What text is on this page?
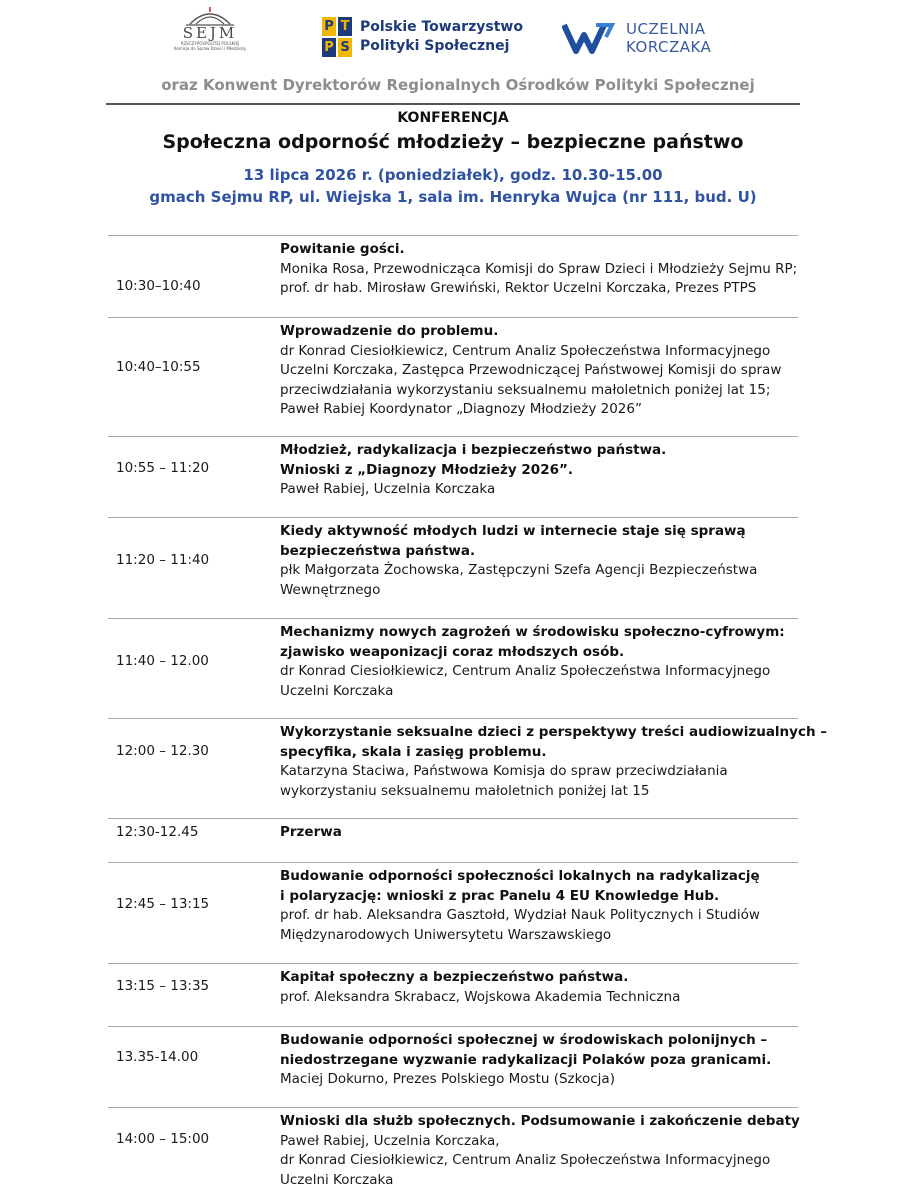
SEJM
RZECZYPOSPOLITEJ POLSKIEJ
Komisja do Spraw Dzieci i Młodzieży
P T
P S
Polskie Towarzystwo
Polityki Społecznej
UCZELNIA
KORCZAKA
oraz Konwent Dyrektorów Regionalnych Ośrodków Polityki Społecznej
KONFERENCJA
Społeczna odporność młodzieży – bezpieczne państwo
13 lipca 2026 r. (poniedziałek), godz. 10.30-15.00
gmach Sejmu RP, ul. Wiejska 1, sala im. Henryka Wujca (nr 111, bud. U)
10:30–10:40
Powitanie gości.
Monika Rosa, Przewodnicząca Komisji do Spraw Dzieci i Młodzieży Sejmu RP;
prof. dr hab. Mirosław Grewiński, Rektor Uczelni Korczaka, Prezes PTPS
10:40–10:55
Wprowadzenie do problemu.
dr Konrad Ciesiołkiewicz, Centrum Analiz Społeczeństwa Informacyjnego
Uczelni Korczaka, Zastępca Przewodniczącej Państwowej Komisji do spraw
przeciwdziałania wykorzystaniu seksualnemu małoletnich poniżej lat 15;
Paweł Rabiej Koordynator „Diagnozy Młodzieży 2026”
10:55 – 11:20
Młodzież, radykalizacja i bezpieczeństwo państwa.
Wnioski z „Diagnozy Młodzieży 2026”.
Paweł Rabiej, Uczelnia Korczaka
11:20 – 11:40
Kiedy aktywność młodych ludzi w internecie staje się sprawą
bezpieczeństwa państwa.
płk Małgorzata Żochowska, Zastępczyni Szefa Agencji Bezpieczeństwa
Wewnętrznego
11:40 – 12.00
Mechanizmy nowych zagrożeń w środowisku społeczno-cyfrowym:
zjawisko weaponizacji coraz młodszych osób.
dr Konrad Ciesiołkiewicz, Centrum Analiz Społeczeństwa Informacyjnego
Uczelni Korczaka
12:00 – 12.30
Wykorzystanie seksualne dzieci z perspektywy treści audiowizualnych –
specyfika, skala i zasięg problemu.
Katarzyna Staciwa, Państwowa Komisja do spraw przeciwdziałania
wykorzystaniu seksualnemu małoletnich poniżej lat 15
12:30-12.45	Przerwa
12:45 – 13:15
Budowanie odporności społeczności lokalnych na radykalizację
i polaryzację: wnioski z prac Panelu 4 EU Knowledge Hub.
prof. dr hab. Aleksandra Gasztołd, Wydział Nauk Politycznych i Studiów
Międzynarodowych Uniwersytetu Warszawskiego
13:15 – 13:35
Kapitał społeczny a bezpieczeństwo państwa.
prof. Aleksandra Skrabacz, Wojskowa Akademia Techniczna
13.35-14.00
Budowanie odporności społecznej w środowiskach polonijnych –
niedostrzegane wyzwanie radykalizacji Polaków poza granicami.
Maciej Dokurno, Prezes Polskiego Mostu (Szkocja)
14:00 – 15:00
Wnioski dla służb społecznych. Podsumowanie i zakończenie debaty
Paweł Rabiej, Uczelnia Korczaka,
dr Konrad Ciesiołkiewicz, Centrum Analiz Społeczeństwa Informacyjnego
Uczelni Korczaka
